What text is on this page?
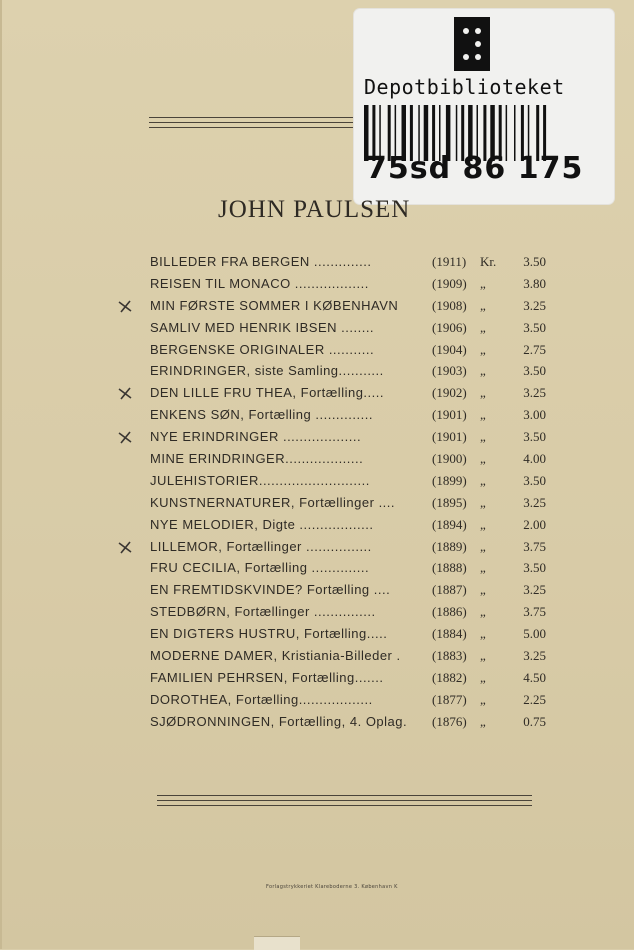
Depotbiblioteket
75sd 86 175
JOHN PAULSEN
BILLEDER FRA BERGEN ..............	(1911)	Kr.	3.50
REISEN TIL MONACO ..................	(1909)	„	3.80
MIN FØRSTE SOMMER I KØBENHAVN	(1908)	„	3.25
SAMLIV MED HENRIK IBSEN ........	(1906)	„	3.50
BERGENSKE ORIGINALER ...........	(1904)	„	2.75
ERINDRINGER, siste Samling...........	(1903)	„	3.50
DEN LILLE FRU THEA, Fortælling.....	(1902)	„	3.25
ENKENS SØN, Fortælling ..............	(1901)	„	3.00
NYE ERINDRINGER ...................	(1901)	„	3.50
MINE ERINDRINGER...................	(1900)	„	4.00
JULEHISTORIER...........................	(1899)	„	3.50
KUNSTNERNATURER, Fortællinger ....	(1895)	„	3.25
NYE MELODIER, Digte ..................	(1894)	„	2.00
LILLEMOR, Fortællinger ................	(1889)	„	3.75
FRU CECILIA, Fortælling ..............	(1888)	„	3.50
EN FREMTIDSKVINDE? Fortælling ....	(1887)	„	3.25
STEDBØRN, Fortællinger ...............	(1886)	„	3.75
EN DIGTERS HUSTRU, Fortælling.....	(1884)	„	5.00
MODERNE DAMER, Kristiania-Billeder .	(1883)	„	3.25
FAMILIEN PEHRSEN, Fortælling.......	(1882)	„	4.50
DOROTHEA, Fortælling..................	(1877)	„	2.25
SJØDRONNINGEN, Fortælling, 4. Oplag.	(1876)	„	0.75
Forlagstrykkeriet Klareboderne 3. København K
